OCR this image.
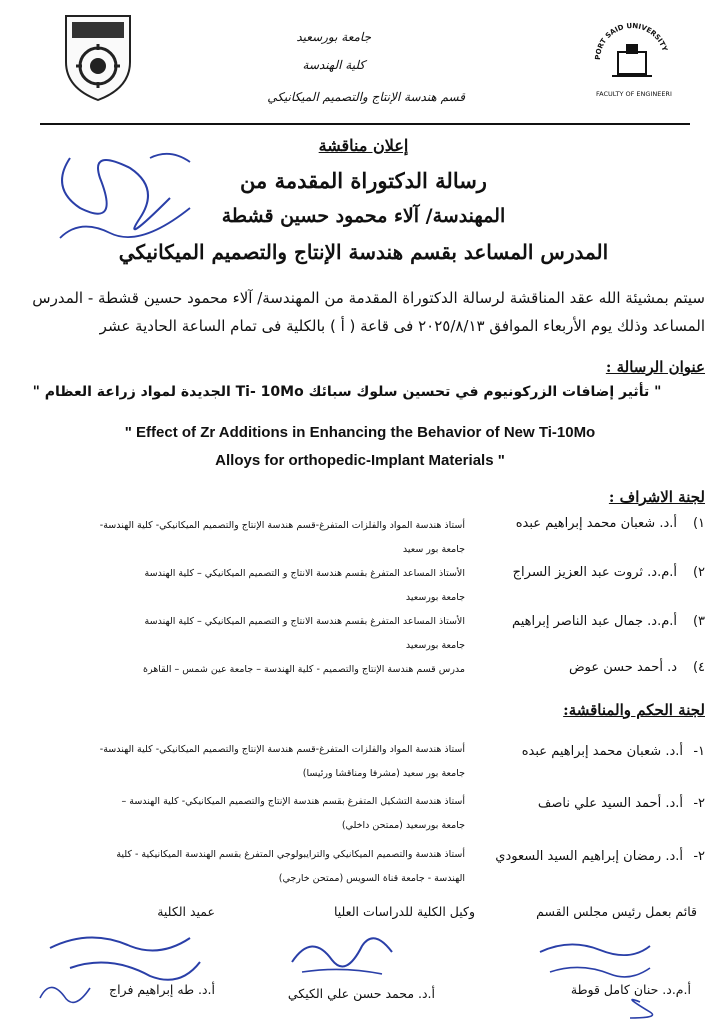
جامعة بورسعيد
كلية الهندسة
قسم هندسة الإنتاج والتصميم الميكانيكي
PORT SAID UNIVERSITY
FACULTY OF ENGINEERI
إعلان مناقشة
رسالة الدكتوراة المقدمة من
المهندسة/ آلاء محمود حسين قشطة
المدرس المساعد بقسم هندسة الإنتاج والتصميم الميكانيكي
سيتم بمشيئة الله عقد المناقشة لرسالة الدكتوراة المقدمة من المهندسة/ آلاء محمود حسين قشطة - المدرس
المساعد وذلك يوم الأربعاء الموافق ٢٠٢٥/٨/١٣ فى قاعة ( أ ) بالكلية فى تمام الساعة الحادية عشر
عنوان الرسالة :
" تأثير إضافات الزركونيوم في تحسين سلوك سبائك Ti- 10Mo الجديدة لمواد زراعة العظام "
" Effect of Zr Additions in Enhancing the Behavior of New Ti-10Mo
Alloys for orthopedic-Implant Materials "
لجنة الاشراف :
١)
أ.د. شعبان محمد إبراهيم عبده
أستاذ هندسة المواد والفلزات المتفرغ-قسم هندسة الإنتاج والتصميم الميكانيكي- كلية الهندسة-
جامعة بور سعيد
٢)
أ.م.د. ثروت عبد العزيز السراج
الأستاذ المساعد المتفرغ بقسم هندسة الانتاج و التصميم الميكانيكي – كلية الهندسة
جامعة بورسعيد
٣)
أ.م.د. جمال عبد الناصر إبراهيم
الأستاذ المساعد المتفرغ بقسم هندسة الانتاج و التصميم الميكانيكي – كلية الهندسة
جامعة بورسعيد
٤)
د. أحمد حسن عوض
مدرس قسم هندسة الإنتاج والتصميم - كلية الهندسة – جامعة عين شمس – القاهرة
لجنة الحكم والمناقشة:
١-
أ.د. شعبان محمد إبراهيم عبده
أستاذ هندسة المواد والفلزات المتفرغ-قسم هندسة الإنتاج والتصميم الميكانيكي- كلية الهندسة-
جامعة بور سعيد (مشرفا ومناقشا ورئيسا)
٢-
أ.د. أحمد السيد علي ناصف
أستاذ هندسة التشكيل المتفرغ بقسم هندسة الإنتاج والتصميم الميكانيكي- كلية الهندسة –
جامعة بورسعيد (ممتحن داخلي)
٢-
أ.د. رمضان إبراهيم السيد السعودي
أستاذ هندسة والتصميم الميكانيكي والترايبولوجي المتفرغ بقسم الهندسة الميكانيكية - كلية
الهندسة - جامعة قناة السويس (ممتحن خارجي)
قائم بعمل رئيس مجلس القسم
أ.م.د. حنان كامل قوطة
وكيل الكلية للدراسات العليا
أ.د. محمد حسن علي الكيكي
عميد الكلية
أ.د. طه إبراهيم فراج
